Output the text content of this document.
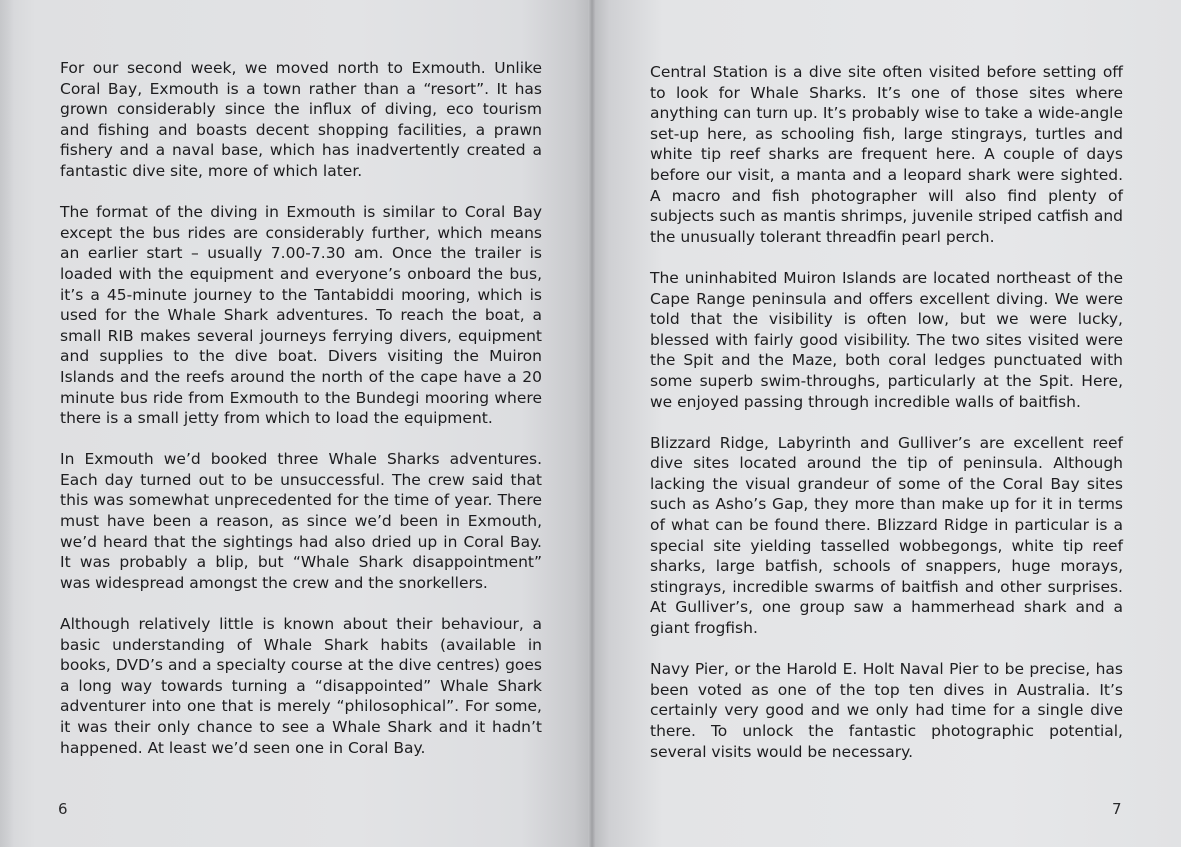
For our second week, we moved north to Exmouth. Unlike Coral Bay, Exmouth is a town rather than a “resort”. It has grown considerably since the influx of diving, eco tourism and fishing and boasts decent shopping facilities, a prawn fishery and a naval base, which has inadvertently created a fantastic dive site, more of which later.

The format of the diving in Exmouth is similar to Coral Bay except the bus rides are considerably further, which means an earlier start – usually 7.00-7.30 am. Once the trailer is loaded with the equipment and everyone’s onboard the bus, it’s a 45-minute journey to the Tantabiddi mooring, which is used for the Whale Shark adventures. To reach the boat, a small RIB makes several journeys ferrying divers, equipment and supplies to the dive boat. Divers visiting the Muiron Islands and the reefs around the north of the cape have a 20 minute bus ride from Exmouth to the Bundegi mooring where there is a small jetty from which to load the equipment.

In Exmouth we’d booked three Whale Sharks adventures. Each day turned out to be unsuccessful. The crew said that this was somewhat unprecedented for the time of year. There must have been a reason, as since we’d been in Exmouth, we’d heard that the sightings had also dried up in Coral Bay. It was probably a blip, but “Whale Shark disappointment” was widespread amongst the crew and the snorkellers.

Although relatively little is known about their behaviour, a basic understanding of Whale Shark habits (available in books, DVD’s and a specialty course at the dive centres) goes a long way towards turning a “disappointed” Whale Shark adventurer into one that is merely “philosophical”. For some, it was their only chance to see a Whale Shark and it hadn’t happened. At least we’d seen one in Coral Bay.

6

Central Station is a dive site often visited before setting off to look for Whale Sharks. It’s one of those sites where anything can turn up. It’s probably wise to take a wide-angle set-up here, as schooling fish, large stingrays, turtles and white tip reef sharks are frequent here. A couple of days before our visit, a manta and a leopard shark were sighted. A macro and fish photographer will also find plenty of subjects such as mantis shrimps, juvenile striped catfish and the unusually tolerant threadfin pearl perch.

The uninhabited Muiron Islands are located northeast of the Cape Range peninsula and offers excellent diving. We were told that the visibility is often low, but we were lucky, blessed with fairly good visibility. The two sites visited were the Spit and the Maze, both coral ledges punctuated with some superb swim-throughs, particularly at the Spit. Here, we enjoyed passing through incredible walls of baitfish.

Blizzard Ridge, Labyrinth and Gulliver’s are excellent reef dive sites located around the tip of peninsula. Although lacking the visual grandeur of some of the Coral Bay sites such as Asho’s Gap, they more than make up for it in terms of what can be found there. Blizzard Ridge in particular is a special site yielding tasselled wobbegongs, white tip reef sharks, large batfish, schools of snappers, huge morays, stingrays, incredible swarms of baitfish and other surprises. At Gulliver’s, one group saw a hammerhead shark and a giant frogfish.

Navy Pier, or the Harold E. Holt Naval Pier to be precise, has been voted as one of the top ten dives in Australia. It’s certainly very good and we only had time for a single dive there. To unlock the fantastic photographic potential, several visits would be necessary.

7
